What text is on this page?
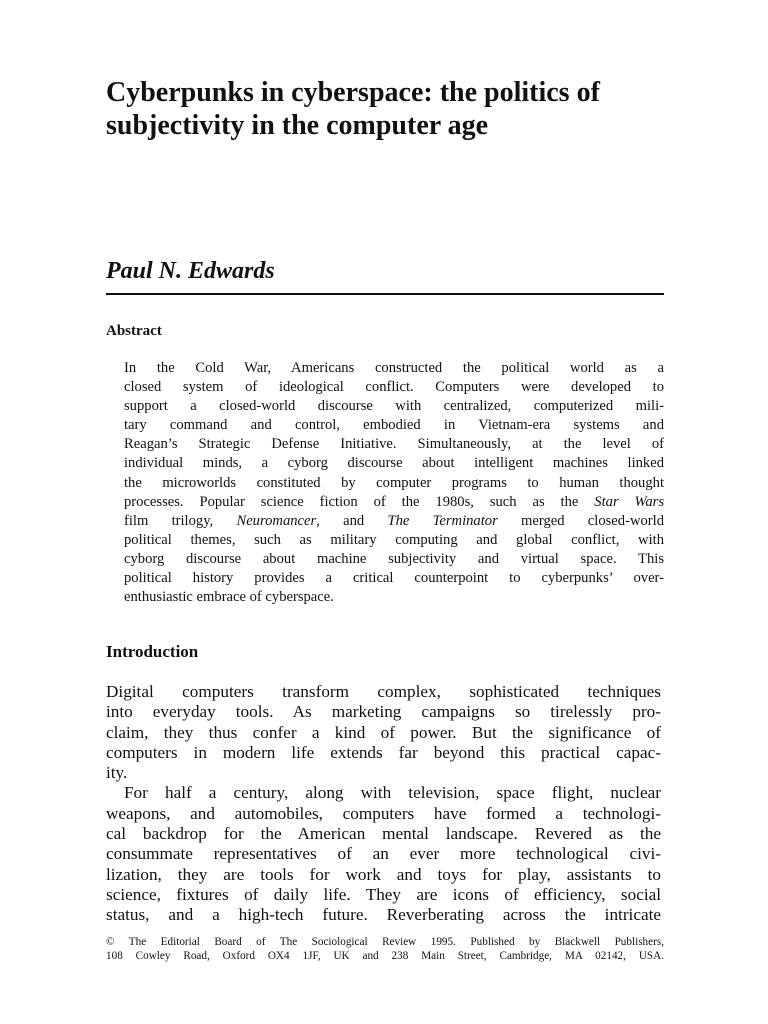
Cyberpunks in cyberspace: the politics of subjectivity in the computer age
Paul N. Edwards
Abstract
In the Cold War, Americans constructed the political world as a
closed system of ideological conflict. Computers were developed to
support a closed-world discourse with centralized, computerized mili-
tary command and control, embodied in Vietnam-era systems and
Reagan’s Strategic Defense Initiative. Simultaneously, at the level of
individual minds, a cyborg discourse about intelligent machines linked
the microworlds constituted by computer programs to human thought
processes. Popular science fiction of the 1980s, such as the Star Wars
film trilogy, Neuromancer, and The Terminator merged closed-world
political themes, such as military computing and global conflict, with
cyborg discourse about machine subjectivity and virtual space. This
political history provides a critical counterpoint to cyberpunks’ over-
enthusiastic embrace of cyberspace.
Introduction
Digital computers transform complex, sophisticated techniques
into everyday tools. As marketing campaigns so tirelessly pro-
claim, they thus confer a kind of power. But the significance of
computers in modern life extends far beyond this practical capac-
ity.
For half a century, along with television, space flight, nuclear
weapons, and automobiles, computers have formed a technologi-
cal backdrop for the American mental landscape. Revered as the
consummate representatives of an ever more technological civi-
lization, they are tools for work and toys for play, assistants to
science, fixtures of daily life. They are icons of efficiency, social
status, and a high-tech future. Reverberating across the intricate
© The Editorial Board of The Sociological Review 1995. Published by Blackwell Publishers,
108 Cowley Road, Oxford OX4 1JF, UK and 238 Main Street, Cambridge, MA 02142, USA.
